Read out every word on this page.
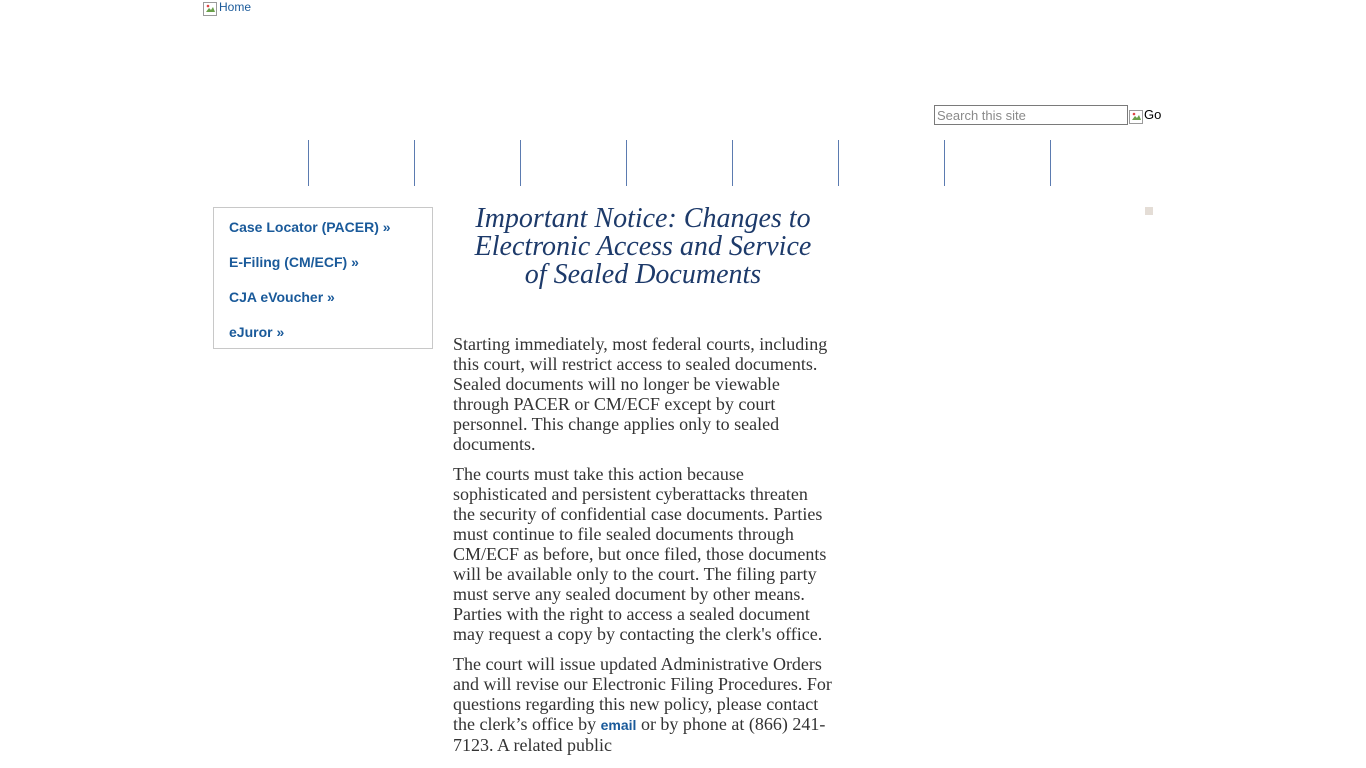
Home
Search this site
Go
Case Locator (PACER) »
E-Filing (CM/ECF) »
CJA eVoucher »
eJuror »
Important Notice: Changes to
Electronic Access and Service
of Sealed Documents

Starting immediately, most federal courts, including this court, will restrict access to sealed documents. Sealed documents will no longer be viewable through PACER or CM/ECF except by court personnel. This change applies only to sealed documents.

The courts must take this action because sophisticated and persistent cyberattacks threaten the security of confidential case documents. Parties must continue to file sealed documents through CM/ECF as before, but once filed, those documents will be available only to the court. The filing party must serve any sealed document by other means. Parties with the right to access a sealed document may request a copy by contacting the clerk's office.

The court will issue updated Administrative Orders and will revise our Electronic Filing Procedures. For questions regarding this new policy, please contact the clerk’s office by email or by phone at (866) 241-7123. A related public
